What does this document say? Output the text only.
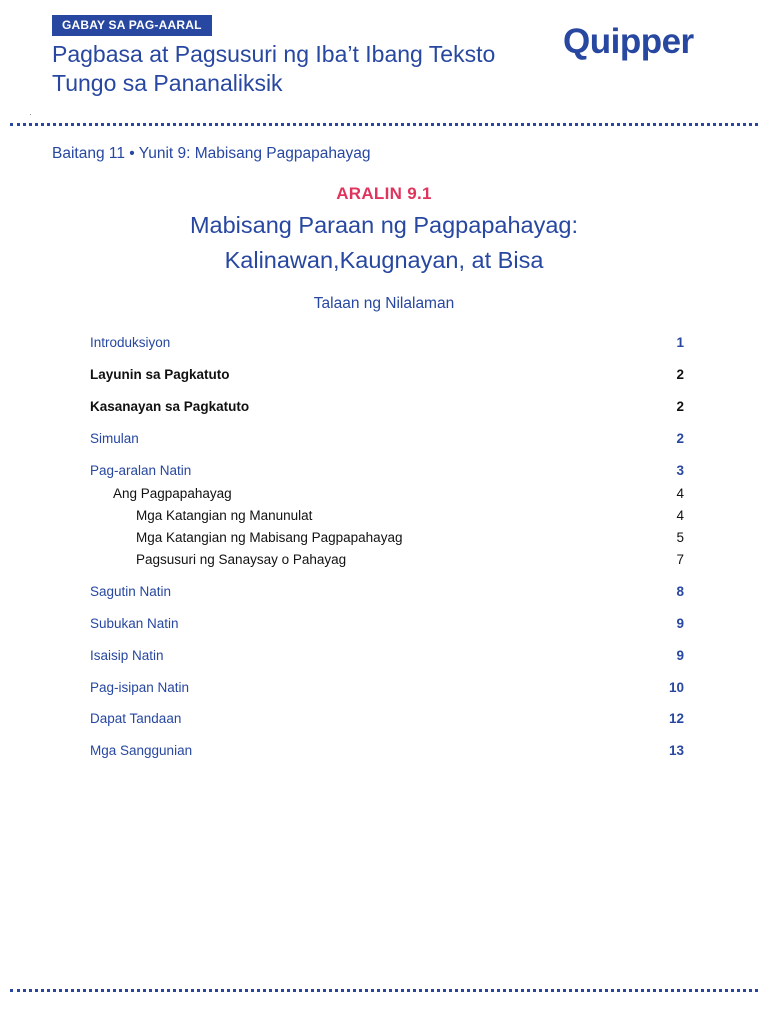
GABAY SA PAG-AARAL
Pagbasa at Pagsusuri ng Iba’t Ibang Teksto
Tungo sa Pananaliksik
Quipper
Baitang 11 • Yunit 9: Mabisang Pagpapahayag
ARALIN 9.1
Mabisang Paraan ng Pagpapahayag:
Kalinawan,Kaugnayan, at Bisa
Talaan ng Nilalaman
Introduksiyon	1
Layunin sa Pagkatuto	2
Kasanayan sa Pagkatuto	2
Simulan	2
Pag-aralan Natin	3
Ang Pagpapahayag	4
Mga Katangian ng Manunulat	4
Mga Katangian ng Mabisang Pagpapahayag	5
Pagsusuri ng Sanaysay o Pahayag	7
Sagutin Natin	8
Subukan Natin	9
Isaisip Natin	9
Pag-isipan Natin	10
Dapat Tandaan	12
Mga Sanggunian	13
